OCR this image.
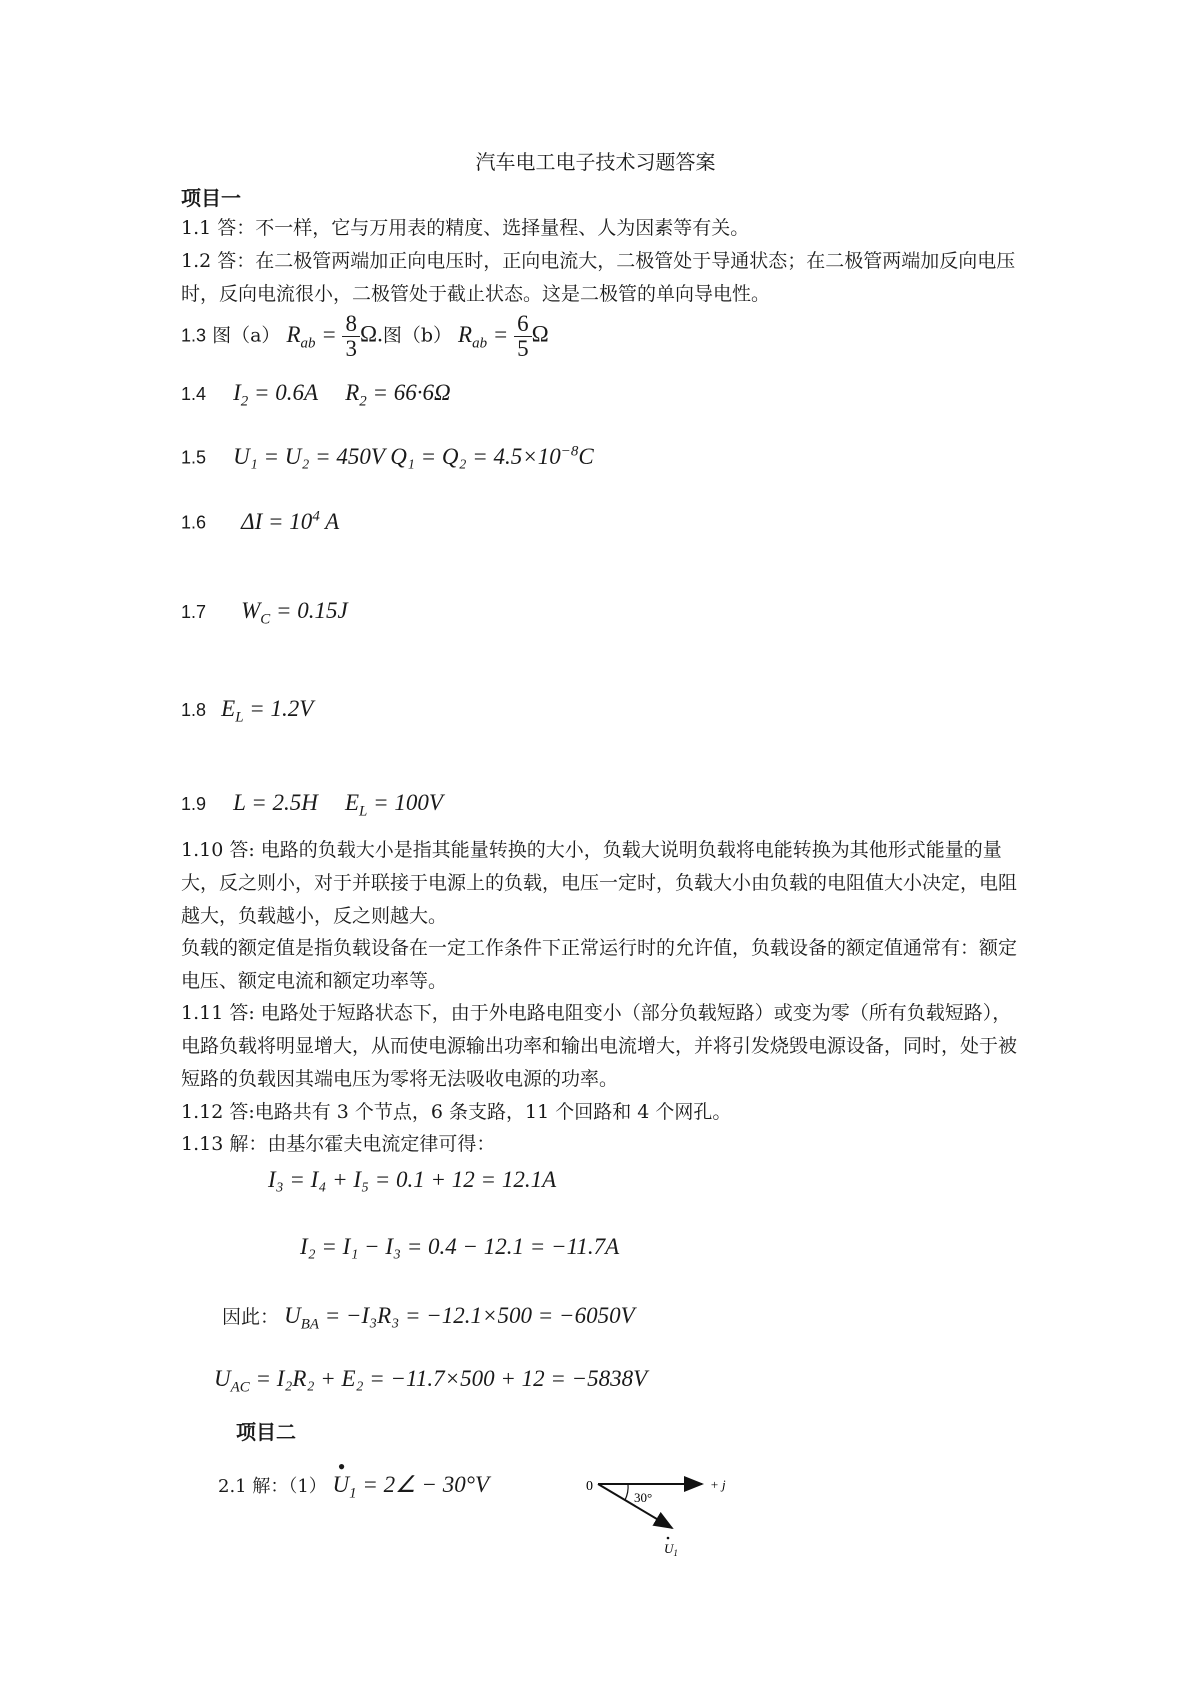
汽车电工电子技术习题答案
项目一
1.1 答：不一样，它与万用表的精度、选择量程、人为因素等有关。
1.2 答：在二极管两端加正向电压时，正向电流大，二极管处于导通状态；在二极管两端加反向电压时，反向电流很小，二极管处于截止状态。这是二极管的单向导电性。
1.3 图（a） $R_{ab} = \frac{8}{3} \Omega$.图（b） $R_{ab} = \frac{6}{5}$ Ω
1.4 $I_2 = 0.6A$ $R_2 = 66\cdot 6\Omega$
1.5 U₁ = U₂ = 450V $Q_1 = Q_2 = 4.5\times 10^{-8}C$
1.6 $\Delta I = 10^4$ A
1.7 $W_C = 0.15J$
1.8 $E_L = 1.2V$
1.9 L = 2.5H $E_L = 100V$
1.10 答: 电路的负载大小是指其能量转换的大小，负载大说明负载将电能转换为其他形式能量的量大，反之则小，对于并联接于电源上的负载，电压一定时，负载大小由负载的电阻值大小决定，电阻越大，负载越小，反之则越大。
负载的额定值是指负载设备在一定工作条件下正常运行时的允许值，负载设备的额定值通常有：额定电压、额定电流和额定功率等。
1.11 答: 电路处于短路状态下，由于外电路电阻变小（部分负载短路）或变为零（所有负载短路），电路负载将明显增大，从而使电源输出功率和输出电流增大，并将引发烧毁电源设备，同时，处于被短路的负载因其端电压为零将无法吸收电源的功率。
1.12 答:电路共有 3 个节点，6 条支路，11 个回路和 4 个网孔。
1.13 解：由基尔霍夫电流定律可得：
I₃ = I₄ + I₅ = 0.1 + 12 = 12.1A
I₂ = I₁ − I₃ = 0.4 − 12.1 = −11.7A
因此： $U_{BA} = -I_3R_3 = -12.1\times 500 = -6050V$
$U_{AC} = I_2R_2 + E_2 = -11.7\times 500 + 12 = -5838V$
项目二
2.1 解：（1） U
•
$_1$ = 2∠ − 30°V	0	+ j
30°
$U_1$
